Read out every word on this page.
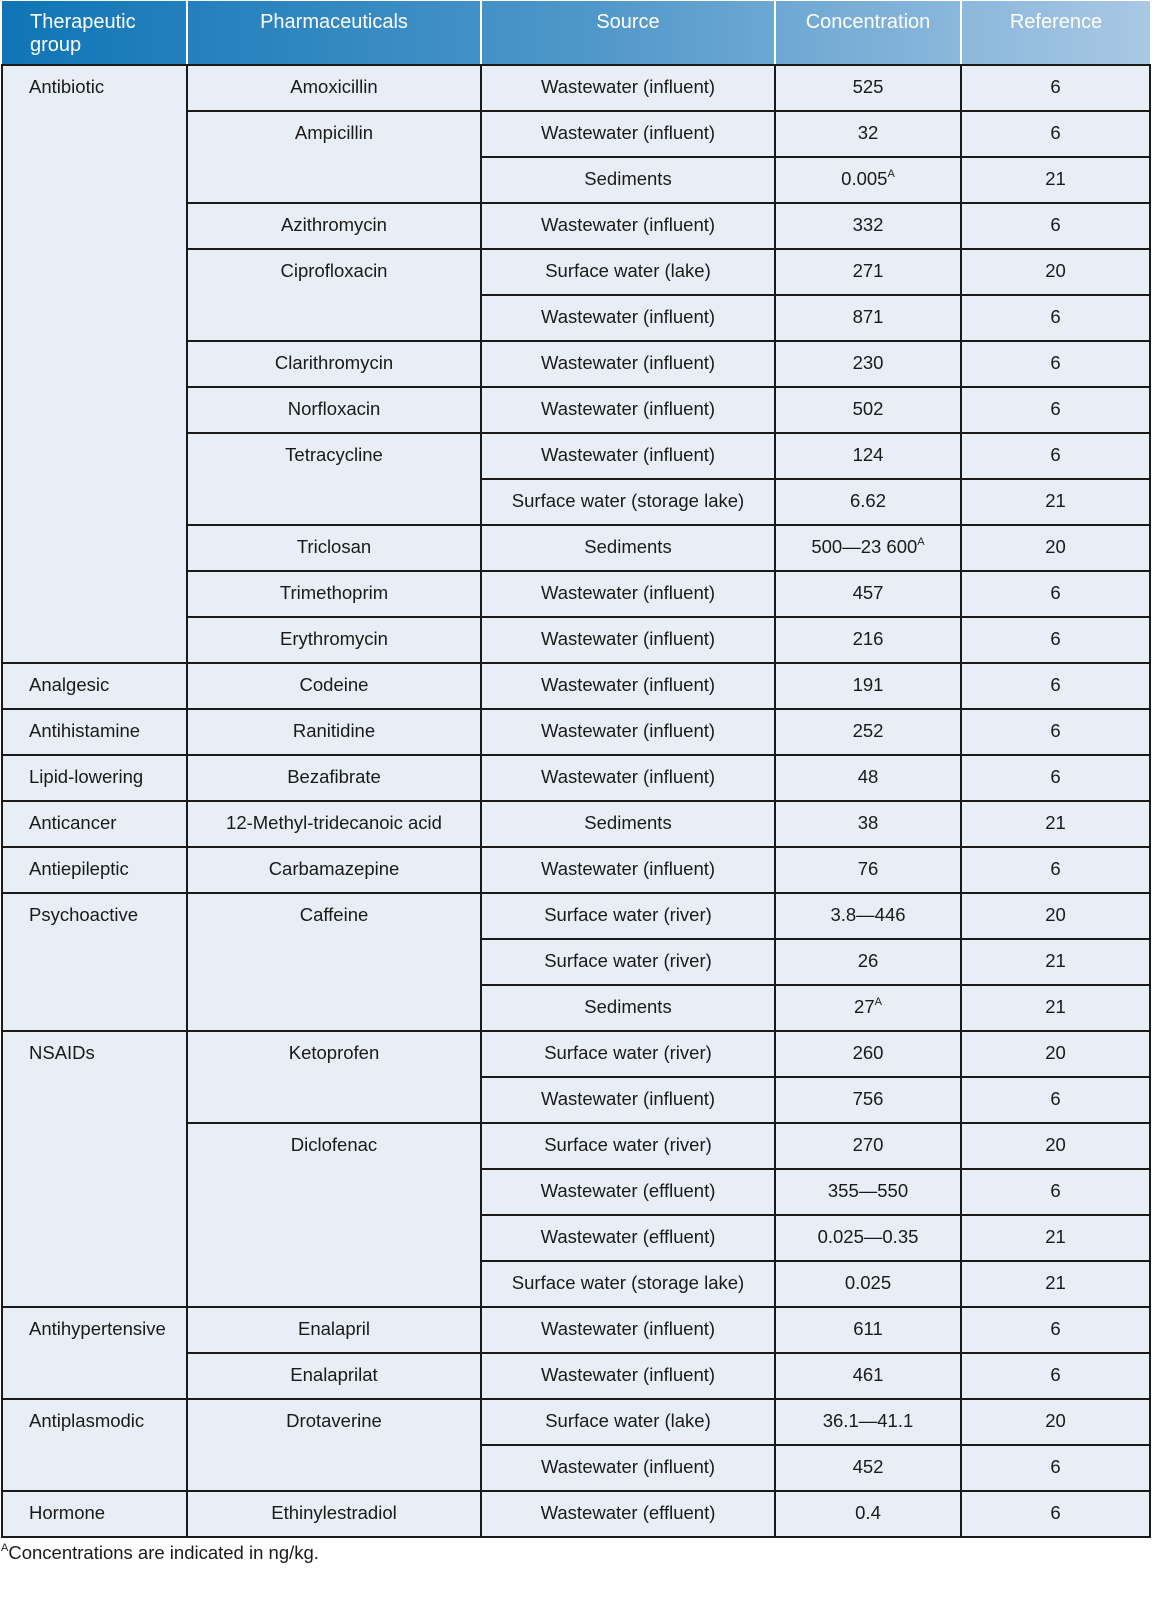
Therapeutic
group	Pharmaceuticals	Source	Concentration	Reference

Antibiotic	Amoxicillin	Wastewater (influent)	525	6

	Ampicillin	Wastewater (influent)	32	6

		Sediments	$0.005^A$	21

	Azithromycin	Wastewater (influent)	332	6

	Ciprofloxacin	Surface water (lake)	271	20

		Wastewater (influent)	871	6

	Clarithromycin	Wastewater (influent)	230	6

	Norfloxacin	Wastewater (influent)	502	6

	Tetracycline	Wastewater (influent)	124	6

		Surface water (storage lake)	6.62	21

	Triclosan	Sediments	500—23 $600^A$	20

	Trimethoprim	Wastewater (influent)	457	6

	Erythromycin	Wastewater (influent)	216	6

Analgesic	Codeine	Wastewater (influent)	191	6

Antihistamine	Ranitidine	Wastewater (influent)	252	6

Lipid-lowering	Bezafibrate	Wastewater (influent)	48	6

Anticancer	12-Methyl-tridecanoic acid	Sediments	38	21

Antiepileptic	Carbamazepine	Wastewater (influent)	76	6

Psychoactive	Caffeine	Surface water (river)	3.8—446	20

		Surface water (river)	26	21

		Sediments	$27^A$	21

NSAIDs	Ketoprofen	Surface water (river)	260	20

		Wastewater (influent)	756	6

	Diclofenac	Surface water (river)	270	20

		Wastewater (effluent)	355—550	6

		Wastewater (effluent)	0.025—0.35	21

		Surface water (storage lake)	0.025	21

Antihypertensive	Enalapril	Wastewater (influent)	611	6

	Enalaprilat	Wastewater (influent)	461	6

Antiplasmodic	Drotaverine	Surface water (lake)	36.1—41.1	20

		Wastewater (influent)	452	6

Hormone	Ethinylestradiol	Wastewater (effluent)	0.4	6
$^A$Concentrations are indicated in ng/kg.
